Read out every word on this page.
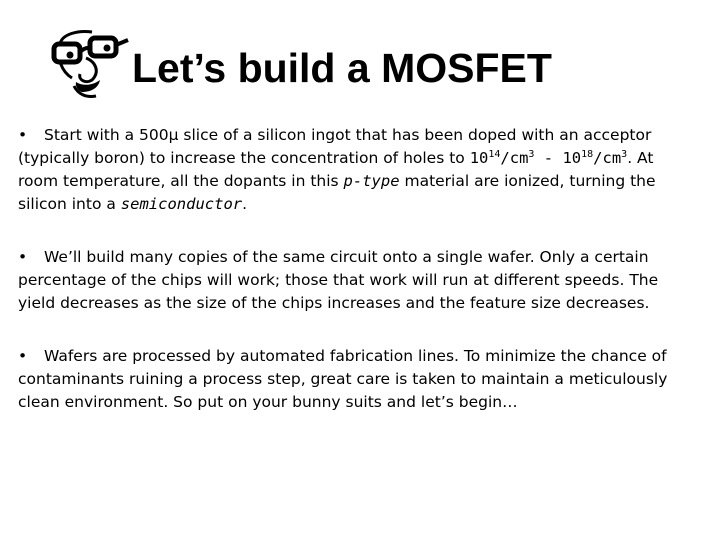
Let’s build a MOSFET

• Start with a 500μ slice of a silicon ingot that has been doped with an acceptor (typically boron) to increase the concentration of holes to $10^{14}/cm^3 - 10^{18}/cm^3$. At room temperature, all the dopants in this p-type material are ionized, turning the silicon into a semiconductor.

• We’ll build many copies of the same circuit onto a single wafer. Only a certain percentage of the chips will work; those that work will run at different speeds. The yield decreases as the size of the chips increases and the feature size decreases.

• Wafers are processed by automated fabrication lines. To minimize the chance of contaminants ruining a process step, great care is taken to maintain a meticulously clean environment. So put on your bunny suits and let’s begin…
